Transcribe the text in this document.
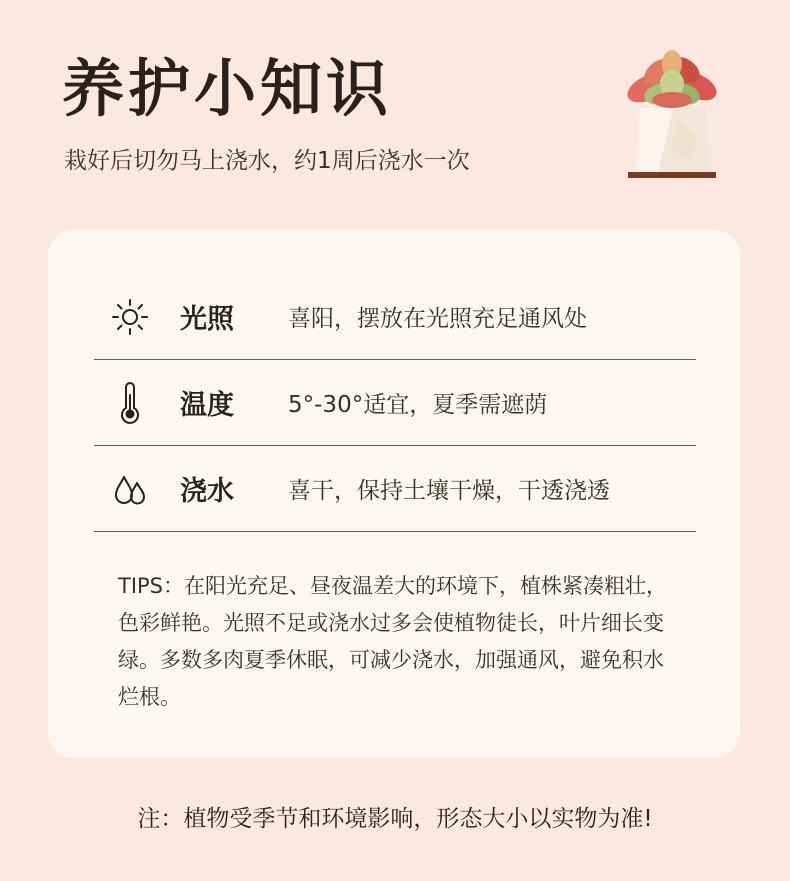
养护小知识
栽好后切勿马上浇水，约1周后浇水一次
光照	喜阳，摆放在光照充足通风处
温度	5°-30°适宜，夏季需遮荫
浇水	喜干，保持土壤干燥，干透浇透
TIPS：在阳光充足、昼夜温差大的环境下，植株紧凑粗壮，色彩鲜艳。光照不足或浇水过多会使植物徒长，叶片细长变绿。多数多肉夏季休眠，可减少浇水，加强通风，避免积水烂根。
注：植物受季节和环境影响，形态大小以实物为准!
